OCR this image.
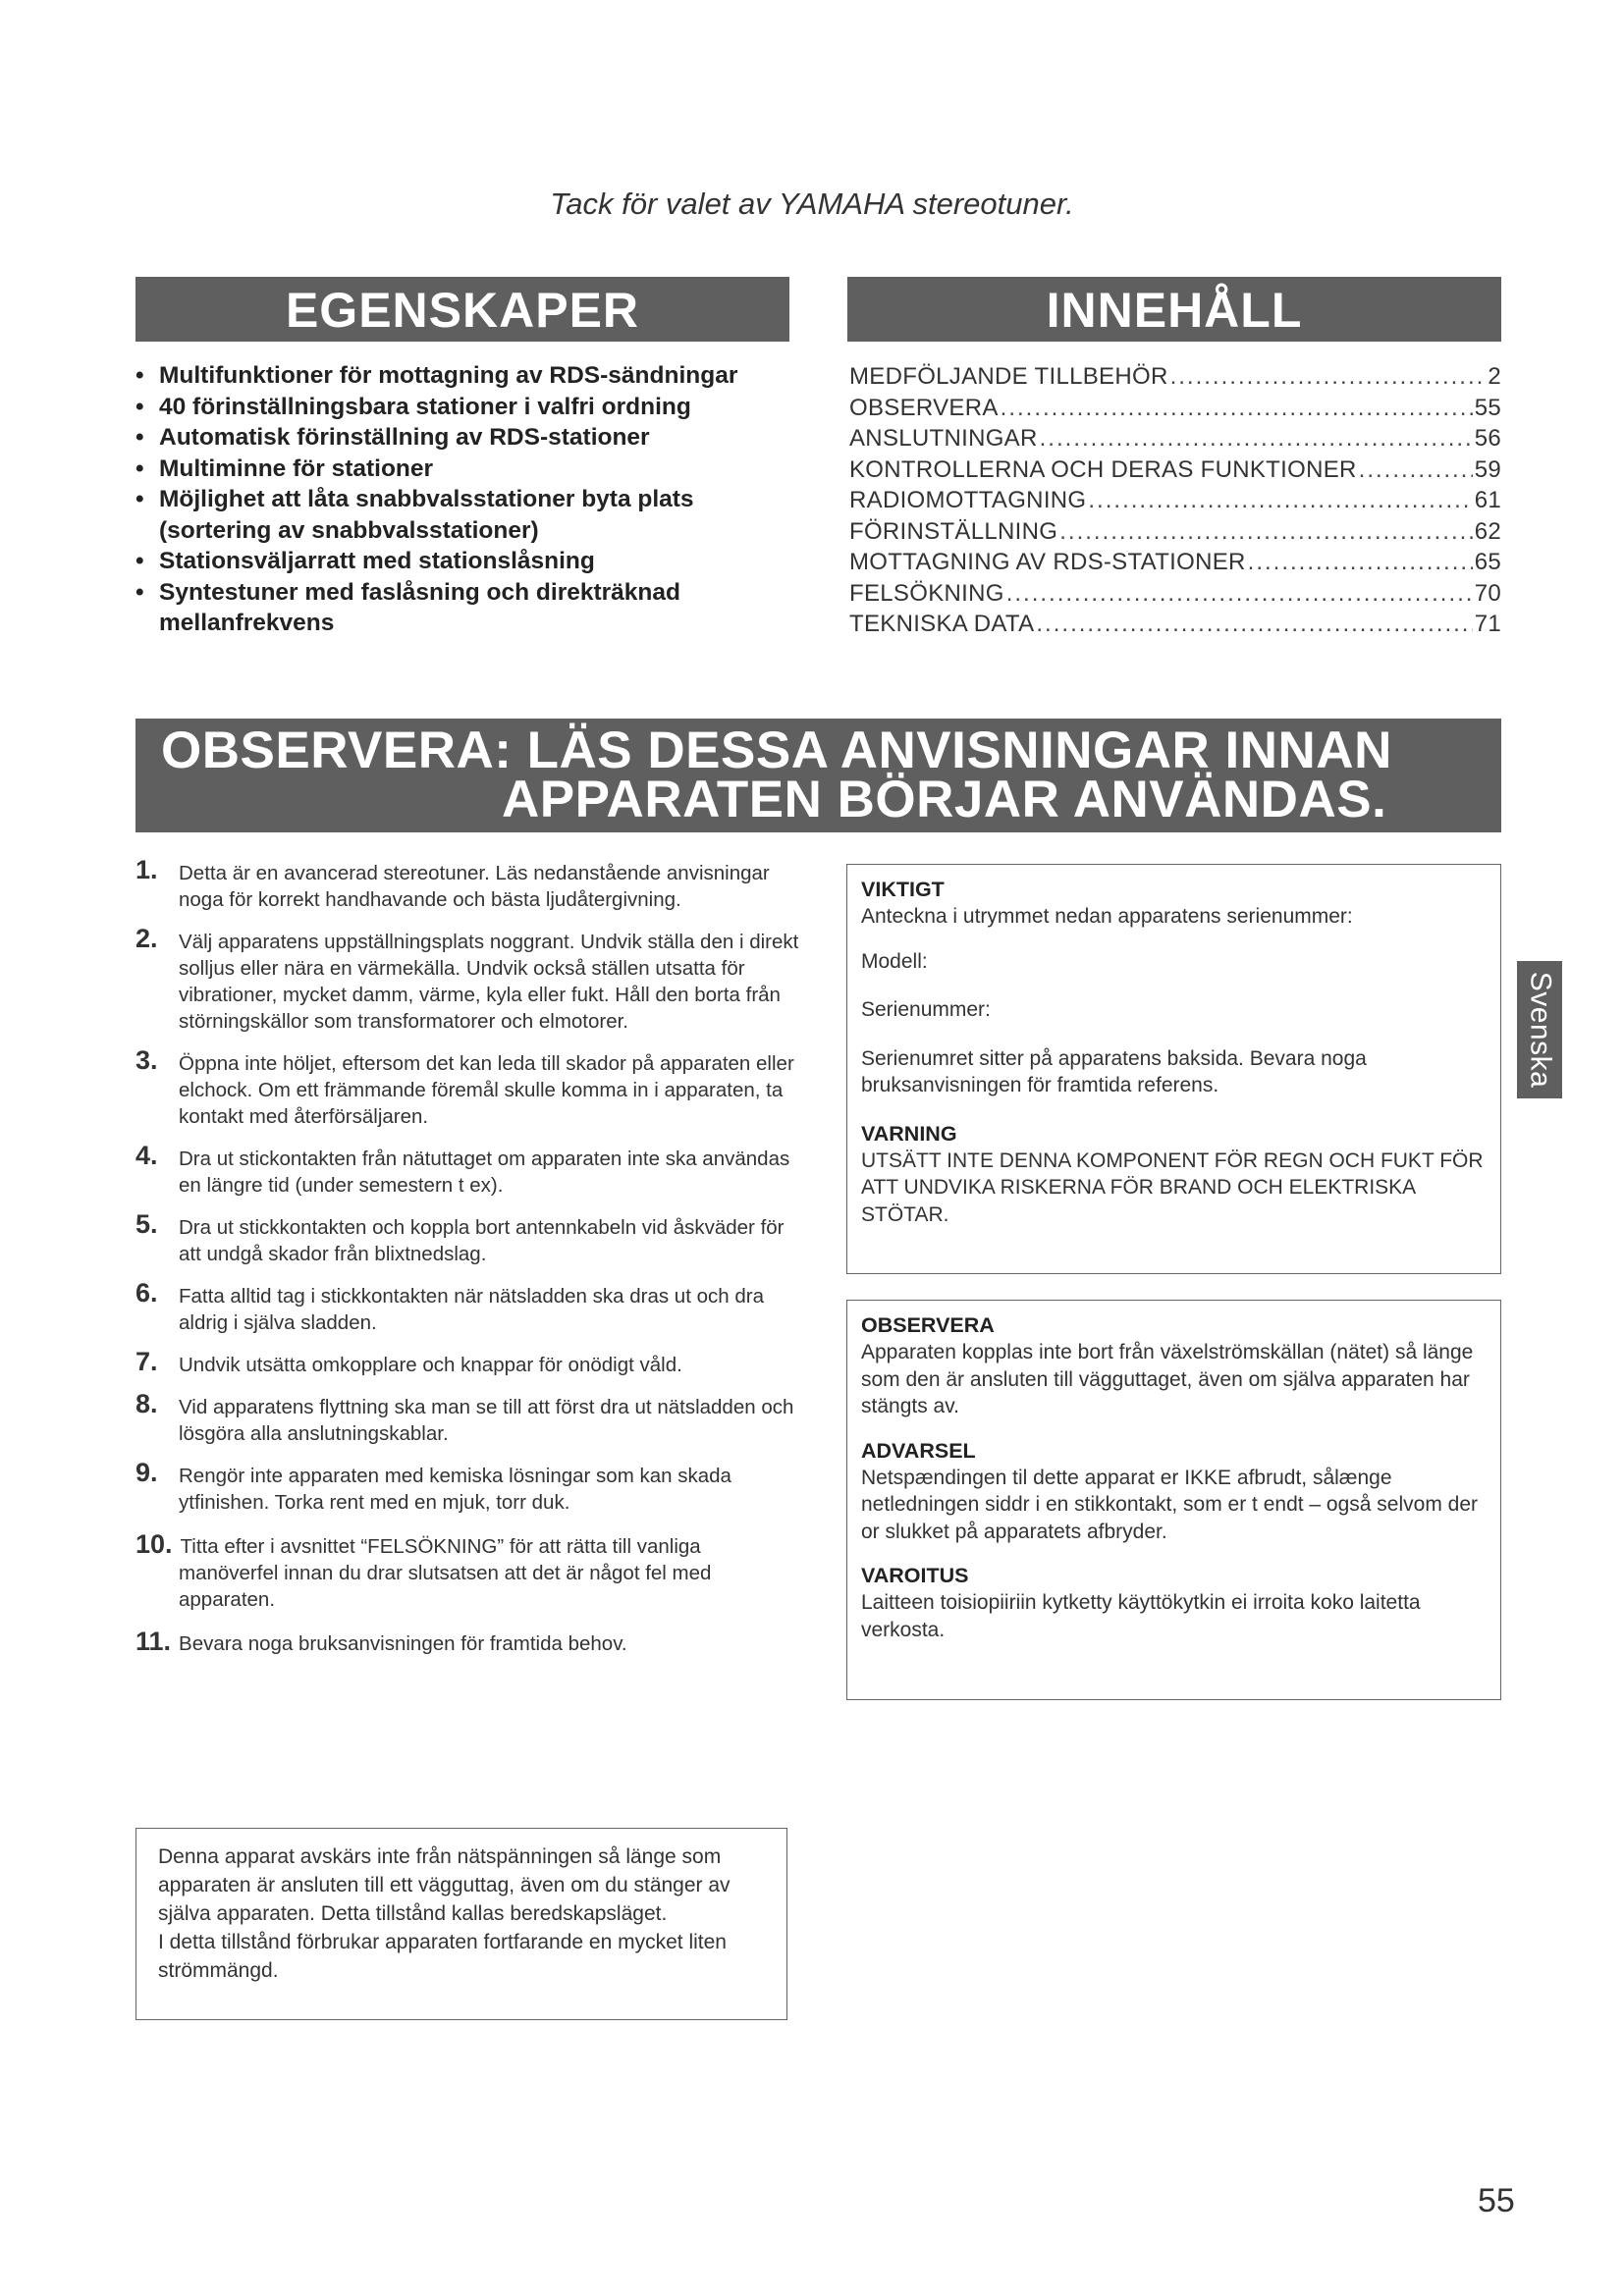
Tack för valet av YAMAHA stereotuner.
EGENSKAPER	INNEHÅLL
• Multifunktioner för mottagning av RDS-sändningar
• 40 förinställningsbara stationer i valfri ordning
• Automatisk förinställning av RDS-stationer
• Multiminne för stationer
• Möjlighet att låta snabbvalsstationer byta plats (sortering av snabbvalsstationer)
• Stationsväljarratt med stationslåsning
• Syntestuner med faslåsning och direkträknad mellanfrekvens
MEDFÖLJANDE TILLBEHÖR .....	2
OBSERVERA .....	55
ANSLUTNINGAR .....	56
KONTROLLERNA OCH DERAS FUNKTIONER .....	59
RADIOMOTTAGNING .....	61
FÖRINSTÄLLNING .....	62
MOTTAGNING AV RDS-STATIONER .....	65
FELSÖKNING .....	70
TEKNISKA DATA .....	71
OBSERVERA: LÄS DESSA ANVISNINGAR INNAN
APPARATEN BÖRJAR ANVÄNDAS.
1. Detta är en avancerad stereotuner. Läs nedanstående anvisningar noga för korrekt handhavande och bästa ljudåtergivning.
2. Välj apparatens uppställningsplats noggrant. Undvik ställa den i direkt solljus eller nära en värmekälla. Undvik också ställen utsatta för vibrationer, mycket damm, värme, kyla eller fukt. Håll den borta från störningskällor som transformatorer och elmotorer.
3. Öppna inte höljet, eftersom det kan leda till skador på apparaten eller elchock. Om ett främmande föremål skulle komma in i apparaten, ta kontakt med återförsäljaren.
4. Dra ut stickontakten från nätuttaget om apparaten inte ska användas en längre tid (under semestern t ex).
5. Dra ut stickkontakten och koppla bort antennkabeln vid åskväder för att undgå skador från blixtnedslag.
6. Fatta alltid tag i stickkontakten när nätsladden ska dras ut och dra aldrig i själva sladden.
7. Undvik utsätta omkopplare och knappar för onödigt våld.
8. Vid apparatens flyttning ska man se till att först dra ut nätsladden och lösgöra alla anslutningskablar.
9. Rengör inte apparaten med kemiska lösningar som kan skada ytfinishen. Torka rent med en mjuk, torr duk.
10. Titta efter i avsnittet “FELSÖKNING” för att rätta till vanliga
manöverfel innan du drar slutsatsen att det är något fel med apparaten.
11. Bevara noga bruksanvisningen för framtida behov.

Denna apparat avskärs inte från nätspänningen så länge som apparaten är ansluten till ett vägguttag, även om du stänger av själva apparaten. Detta tillstånd kallas beredskapsläget.

I detta tillstånd förbrukar apparaten fortfarande en mycket liten strömmängd.

VIKTIGT

Anteckna i utrymmet nedan apparatens serienummer:

Modell:

Serienummer:

Serienumret sitter på apparatens baksida. Bevara noga bruksanvisningen för framtida referens.

VARNING

UTSÄTT INTE DENNA KOMPONENT FÖR REGN OCH FUKT FÖR ATT UNDVIKA RISKERNA FÖR BRAND OCH ELEKTRISKA STÖTAR.

OBSERVERA

Apparaten kopplas inte bort från växelströmskällan (nätet) så länge som den är ansluten till vägguttaget, även om själva apparaten har stängts av.

ADVARSEL

Netspændingen til dette apparat er IKKE afbrudt, sålænge netledningen siddr i en stikkontakt, som er t endt – også selvom der or slukket på apparatets afbryder.

VAROITUS

Laitteen toisiopiiriin kytketty käyttökytkin ei irroita koko laitetta verkosta.

Svenska
55
